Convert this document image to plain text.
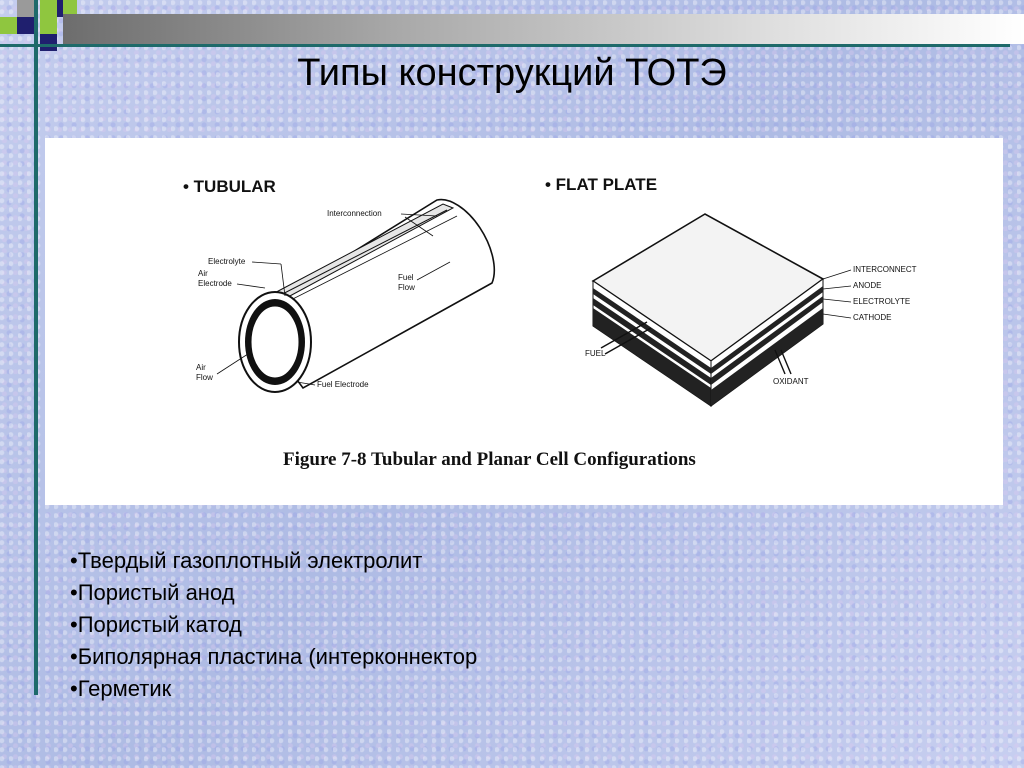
Типы конструкций ТОТЭ
• TUBULAR
Interconnection
Electrolyte
Air
Electrode
Fuel
Flow
Air
Flow
Fuel Electrode
• FLAT PLATE
INTERCONNECT
ANODE
ELECTROLYTE
CATHODE
FUEL
OXIDANT
Figure 7-8 Tubular and Planar Cell Configurations
•Твердый газоплотный электролит
•Пористый анод
•Пористый катод
•Биполярная пластина (интерконнектор
•Герметик
